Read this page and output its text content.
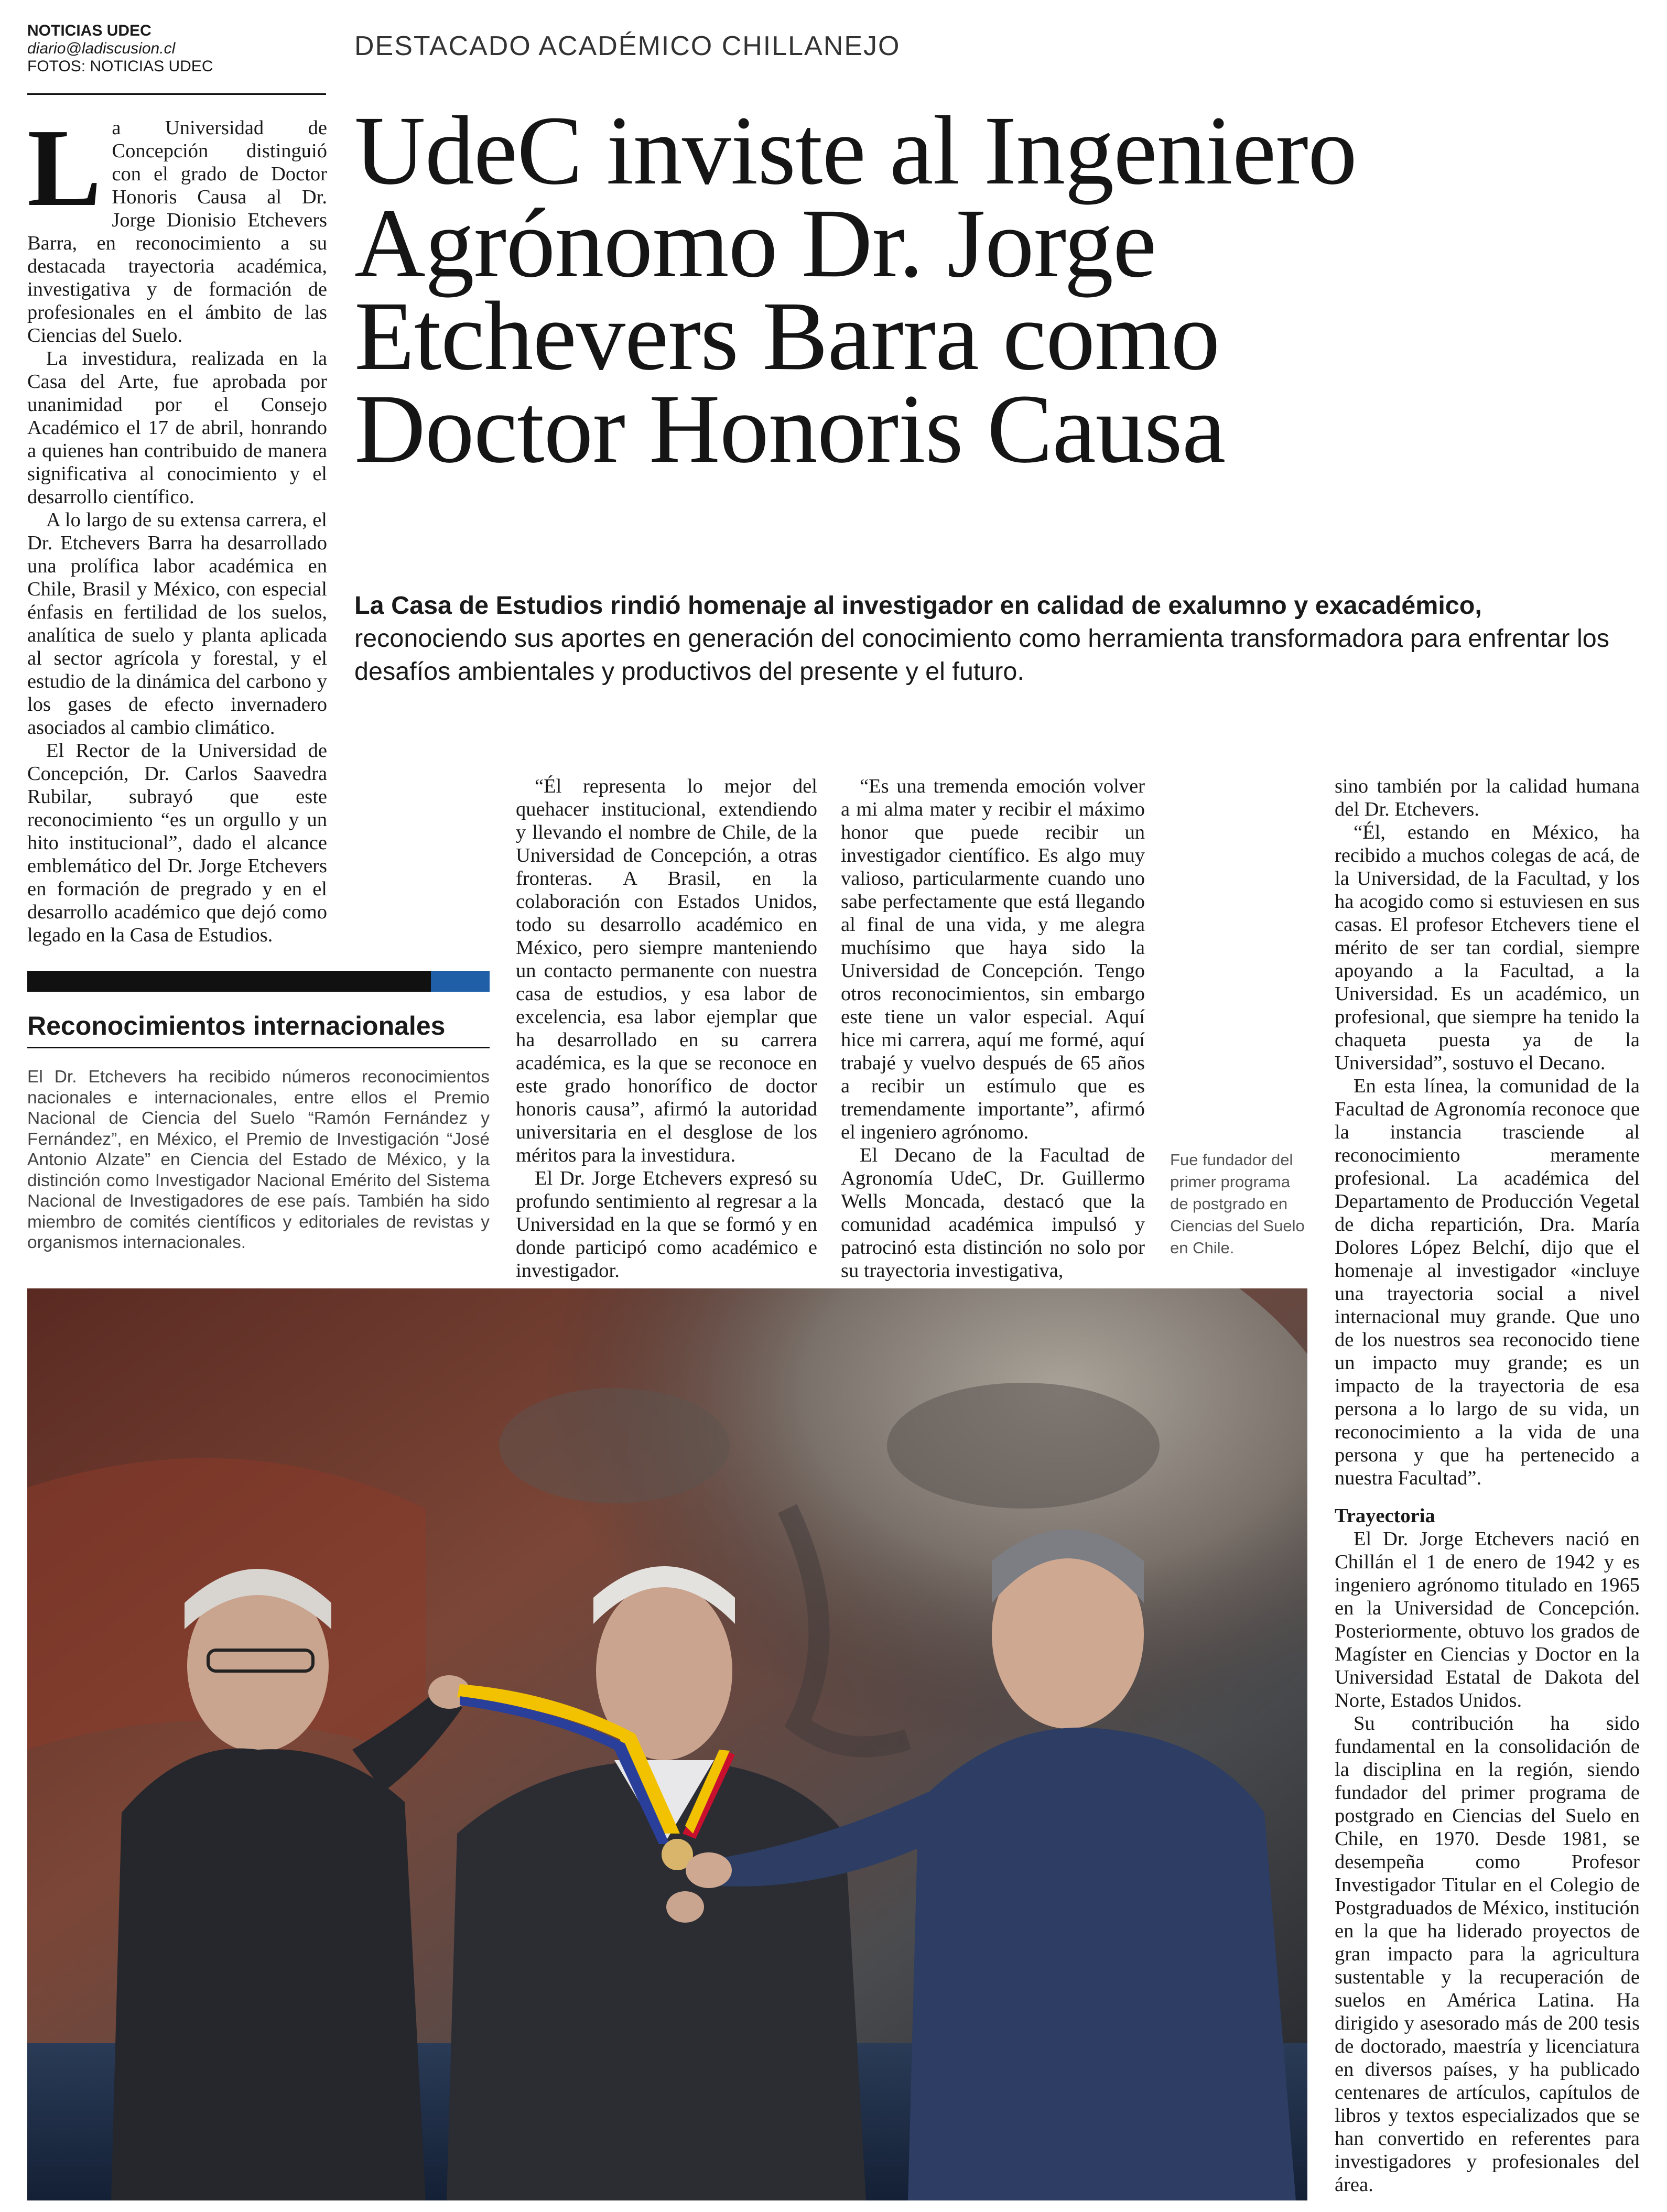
NOTICIAS UDEC
diario@ladiscusion.cl
FOTOS: NOTICIAS UDEC
DESTACADO ACADÉMICO CHILLANEJO
UdeC inviste al Ingeniero
Agrónomo Dr. Jorge
Etchevers Barra como
Doctor Honoris Causa
La Casa de Estudios rindió homenaje al investigador en calidad de exalumno y exacadémico, reconociendo sus aportes en generación del conocimiento como herramienta transformadora para enfrentar los desafíos ambientales y productivos del presente y el futuro.

La Universidad de Concepción distinguió con el grado de Doctor Honoris Causa al Dr. Jorge Dionisio Etchevers Barra, en reconocimiento a su destacada trayectoria académica, investigativa y de formación de profesionales en el ámbito de las Ciencias del Suelo.

La investidura, realizada en la Casa del Arte, fue aprobada por unanimidad por el Consejo Académico el 17 de abril, honrando a quienes han contribuido de manera significativa al conocimiento y el desarrollo científico.

A lo largo de su extensa carrera, el Dr. Etchevers Barra ha desarrollado una prolífica labor académica en Chile, Brasil y México, con especial énfasis en fertilidad de los suelos, analítica de suelo y planta aplicada al sector agrícola y forestal, y el estudio de la dinámica del carbono y los gases de efecto invernadero asociados al cambio climático.

El Rector de la Universidad de Concepción, Dr. Carlos Saavedra Rubilar, subrayó que este reconocimiento “es un orgullo y un hito institucional”, dado el alcance emblemático del Dr. Jorge Etchevers en formación de pregrado y en el desarrollo académico que dejó como legado en la Casa de Estudios.

Reconocimientos internacionales
El Dr. Etchevers ha recibido números reconocimientos nacionales e internacionales, entre ellos el Premio Nacional de Ciencia del Suelo “Ramón Fernández y Fernández”, en México, el Premio de Investigación “José Antonio Alzate” en Ciencia del Estado de México, y la distinción como Investigador Nacional Emérito del Sistema Nacional de Investigadores de ese país. También ha sido miembro de comités científicos y editoriales de revistas y organismos internacionales.

“Él representa lo mejor del quehacer institucional, extendiendo y llevando el nombre de Chile, de la Universidad de Concepción, a otras fronteras. A Brasil, en la colaboración con Estados Unidos, todo su desarrollo académico en México, pero siempre manteniendo un contacto permanente con nuestra casa de estudios, y esa labor de excelencia, esa labor ejemplar que ha desarrollado en su carrera académica, es la que se reconoce en este grado honorífico de doctor honoris causa”, afirmó la autoridad universitaria en el desglose de los méritos para la investidura.

El Dr. Jorge Etchevers expresó su profundo sentimiento al regresar a la Universidad en la que se formó y en donde participó como académico e investigador.

“Es una tremenda emoción volver a mi alma mater y recibir el máximo honor que puede recibir un investigador científico. Es algo muy valioso, particularmente cuando uno sabe perfectamente que está llegando al final de una vida, y me alegra muchísimo que haya sido la Universidad de Concepción. Tengo otros reconocimientos, sin embargo este tiene un valor especial. Aquí hice mi carrera, aquí me formé, aquí trabajé y vuelvo después de 65 años a recibir un estímulo que es tremendamente importante”, afirmó el ingeniero agrónomo.

El Decano de la Facultad de Agronomía UdeC, Dr. Guillermo Wells Moncada, destacó que la comunidad académica impulsó y patrocinó esta distinción no solo por su trayectoria investigativa,

Fue fundador del primer programa de postgrado en Ciencias del Suelo en Chile.

sino también por la calidad humana del Dr. Etchevers.

“Él, estando en México, ha recibido a muchos colegas de acá, de la Universidad, de la Facultad, y los ha acogido como si estuviesen en sus casas. El profesor Etchevers tiene el mérito de ser tan cordial, siempre apoyando a la Facultad, a la Universidad. Es un académico, un profesional, que siempre ha tenido la chaqueta puesta ya de la Universidad”, sostuvo el Decano.

En esta línea, la comunidad de la Facultad de Agronomía reconoce que la instancia trasciende al reconocimiento meramente profesional. La académica del Departamento de Producción Vegetal de dicha repartición, Dra. María Dolores López Belchí, dijo que el homenaje al investigador «incluye una trayectoria social a nivel internacional muy grande. Que uno de los nuestros sea reconocido tiene un impacto muy grande; es un impacto de la trayectoria de esa persona a lo largo de su vida, un reconocimiento a la vida de una persona y que ha pertenecido a nuestra Facultad”.

Trayectoria

El Dr. Jorge Etchevers nació en Chillán el 1 de enero de 1942 y es ingeniero agrónomo titulado en 1965 en la Universidad de Concepción. Posteriormente, obtuvo los grados de Magíster en Ciencias y Doctor en la Universidad Estatal de Dakota del Norte, Estados Unidos.

Su contribución ha sido fundamental en la consolidación de la disciplina en la región, siendo fundador del primer programa de postgrado en Ciencias del Suelo en Chile, en 1970. Desde 1981, se desempeña como Profesor Investigador Titular en el Colegio de Postgraduados de México, institución en la que ha liderado proyectos de gran impacto para la agricultura sustentable y la recuperación de suelos en América Latina. Ha dirigido y asesorado más de 200 tesis de doctorado, maestría y licenciatura en diversos países, y ha publicado centenares de artículos, capítulos de libros y textos especializados que se han convertido en referentes para investigadores y profesionales del área.
